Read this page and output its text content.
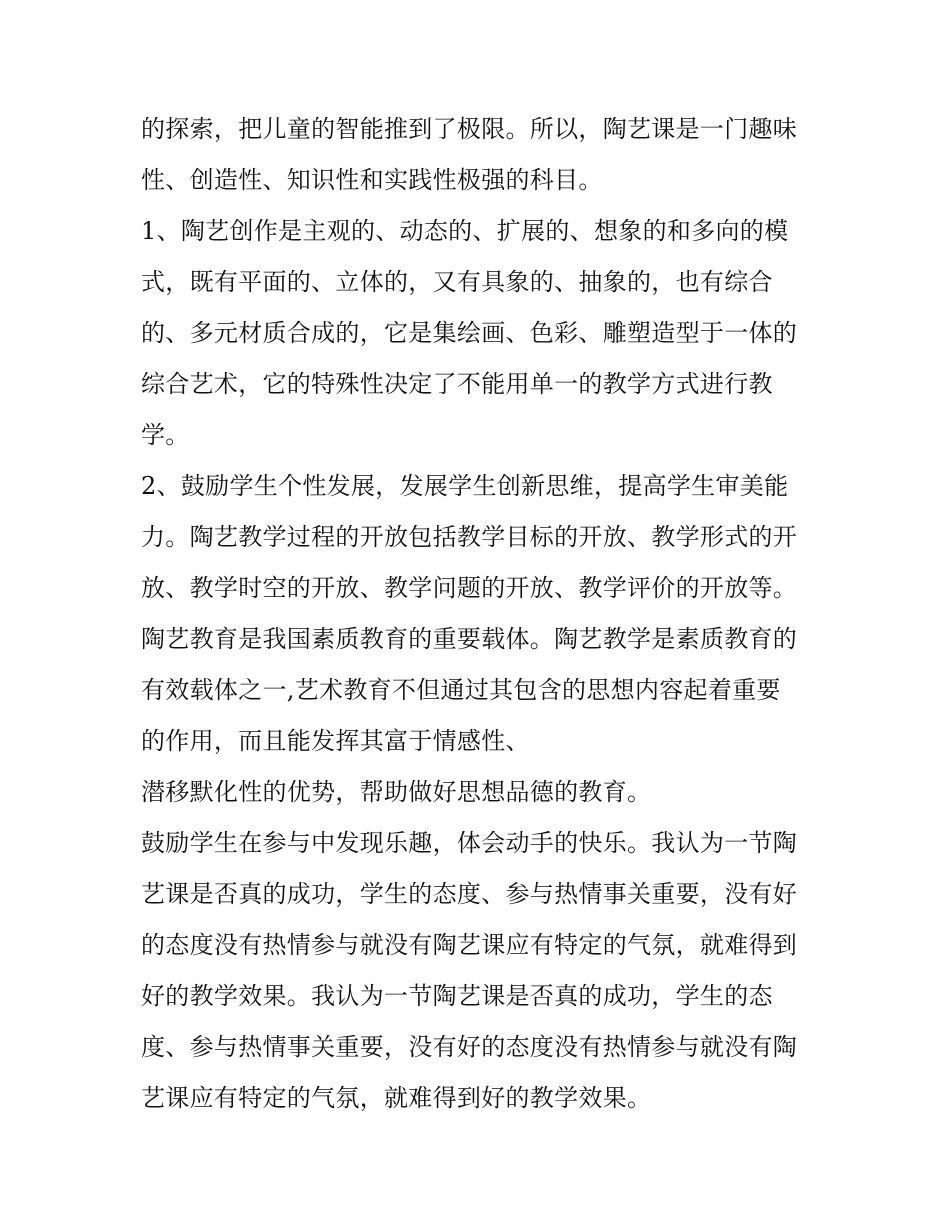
的探索，把儿童的智能推到了极限。所以，陶艺课是一门趣味
性、创造性、知识性和实践性极强的科目。
1、陶艺创作是主观的、动态的、扩展的、想象的和多向的模
式，既有平面的、立体的，又有具象的、抽象的，也有综合
的、多元材质合成的，它是集绘画、色彩、雕塑造型于一体的
综合艺术，它的特殊性决定了不能用单一的教学方式进行教
学。
2、鼓励学生个性发展，发展学生创新思维，提高学生审美能
力。陶艺教学过程的开放包括教学目标的开放、教学形式的开
放、教学时空的开放、教学问题的开放、教学评价的开放等。
陶艺教育是我国素质教育的重要载体。陶艺教学是素质教育的
有效载体之一,艺术教育不但通过其包含的思想内容起着重要
的作用，而且能发挥其富于情感性、
潜移默化性的优势，帮助做好思想品德的教育。
鼓励学生在参与中发现乐趣，体会动手的快乐。我认为一节陶
艺课是否真的成功，学生的态度、参与热情事关重要，没有好
的态度没有热情参与就没有陶艺课应有特定的气氛，就难得到
好的教学效果。我认为一节陶艺课是否真的成功，学生的态
度、参与热情事关重要，没有好的态度没有热情参与就没有陶
艺课应有特定的气氛，就难得到好的教学效果。
